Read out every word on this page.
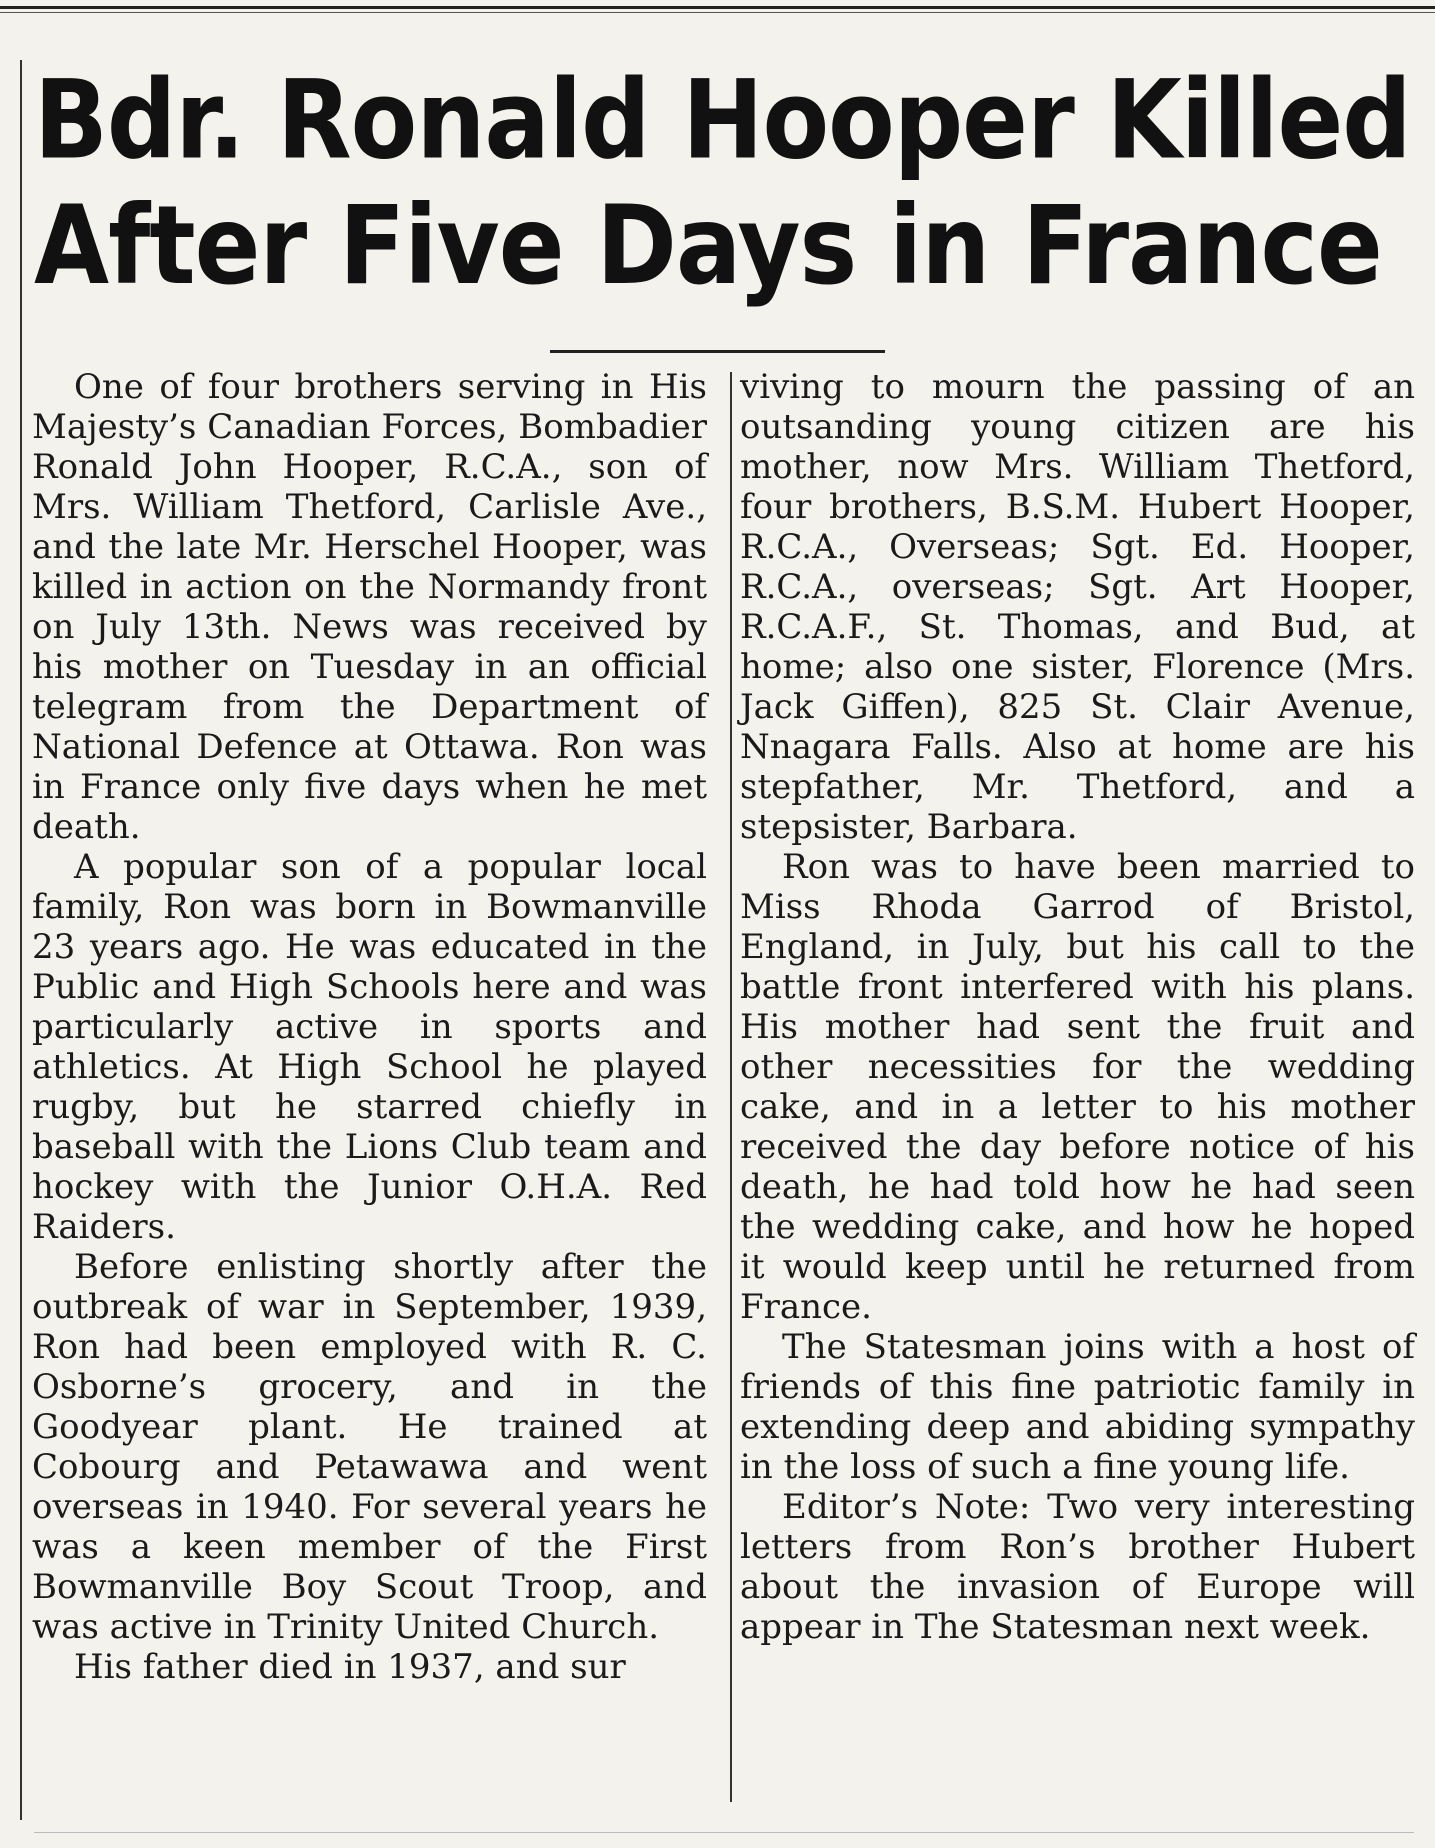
Bdr. Ronald Hooper Killed
After Five Days in France

One of four brothers serving in His Majesty’s Canadian Forces, Bombadier Ronald John Hooper, R.C.A., son of Mrs. William Thetford, Carlisle Ave., and the late Mr. Herschel Hooper, was killed in action on the Normandy front on July 13th. News was received by his mother on Tuesday in an official telegram from the Department of National Defence at Ottawa. Ron was in France only five days when he met death.

A popular son of a popular local family, Ron was born in Bowmanville 23 years ago. He was educated in the Public and High Schools here and was particularly active in sports and athletics. At High School he played rugby, but he starred chiefly in baseball with the Lions Club team and hockey with the Junior O.H.A. Red Raiders.

Before enlisting shortly after the outbreak of war in September, 1939, Ron had been employed with R. C. Osborne’s grocery, and in the Goodyear plant. He trained at Cobourg and Petawawa and went overseas in 1940. For several years he was a keen member of the First Bowmanville Boy Scout Troop, and was active in Trinity United Church.

His father died in 1937, and sur

viving to mourn the passing of an outsanding young citizen are his mother, now Mrs. William Thetford, four brothers, B.S.M. Hubert Hooper, R.C.A., Overseas; Sgt. Ed. Hooper, R.C.A., overseas; Sgt. Art Hooper, R.C.A.F., St. Thomas, and Bud, at home; also one sister, Florence (Mrs. Jack Giffen), 825 St. Clair Avenue, Nnagara Falls. Also at home are his stepfather, Mr. Thetford, and a stepsister, Barbara.

Ron was to have been married to Miss Rhoda Garrod of Bristol, England, in July, but his call to the battle front interfered with his plans. His mother had sent the fruit and other necessities for the wedding cake, and in a letter to his mother received the day before notice of his death, he had told how he had seen the wedding cake, and how he hoped it would keep until he returned from France.

The Statesman joins with a host of friends of this fine patriotic family in extending deep and abiding sympathy in the loss of such a fine young life.

Editor’s Note: Two very interesting letters from Ron’s brother Hubert about the invasion of Europe will appear in The Statesman next week.
